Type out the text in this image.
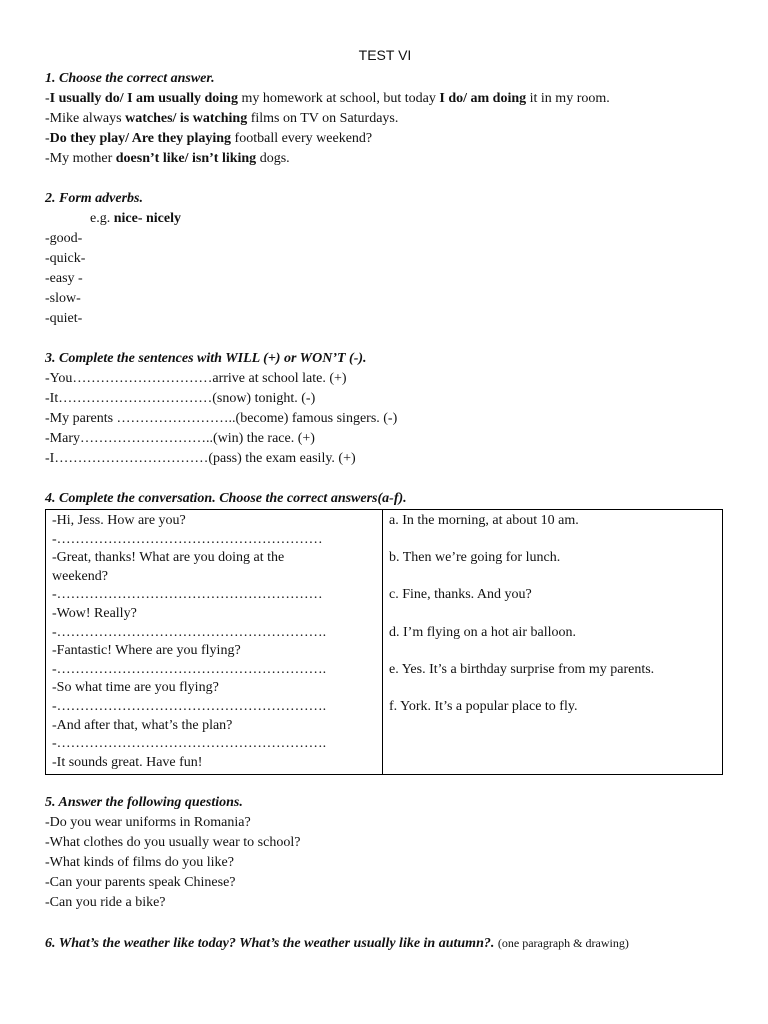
TEST VI
1. Choose the correct answer.
-I usually do/ I am usually doing my homework at school, but today I do/ am doing it in my room.
-Mike always watches/ is watching films on TV on Saturdays.
-Do they play/ Are they playing football every weekend?
-My mother doesn’t like/ isn’t liking dogs.
2. Form adverbs.
e.g. nice- nicely
-good-
-quick-
-easy -
-slow-
-quiet-
3. Complete the sentences with WILL (+) or WON’T (-).
-You…………………………arrive at school late. (+)
-It……………………………(snow) tonight. (-)
-My parents ……………………..(become) famous singers. (-)
-Mary………………………..(win) the race. (+)
-I……………………………(pass) the exam easily. (+)
4. Complete the conversation. Choose the correct answers(a-f).
-Hi, Jess. How are you?
-…………………………………………………
-Great, thanks! What are you doing at the
weekend?
-…………………………………………………
-Wow! Really?
-………………………………………………….
-Fantastic! Where are you flying?
-………………………………………………….
-So what time are you flying?
-………………………………………………….
-And after that, what’s the plan?
-………………………………………………….
-It sounds great. Have fun!

a. In the morning, at about 10 am.
b. Then we’re going for lunch.
c. Fine, thanks. And you?
d. I’m flying on a hot air balloon.
e. Yes. It’s a birthday surprise from my parents.
f. York. It’s a popular place to fly.
5. Answer the following questions.
-Do you wear uniforms in Romania?
-What clothes do you usually wear to school?
-What kinds of films do you like?
-Can your parents speak Chinese?
-Can you ride a bike?
6. What’s the weather like today? What’s the weather usually like in autumn?. (one paragraph & drawing)
